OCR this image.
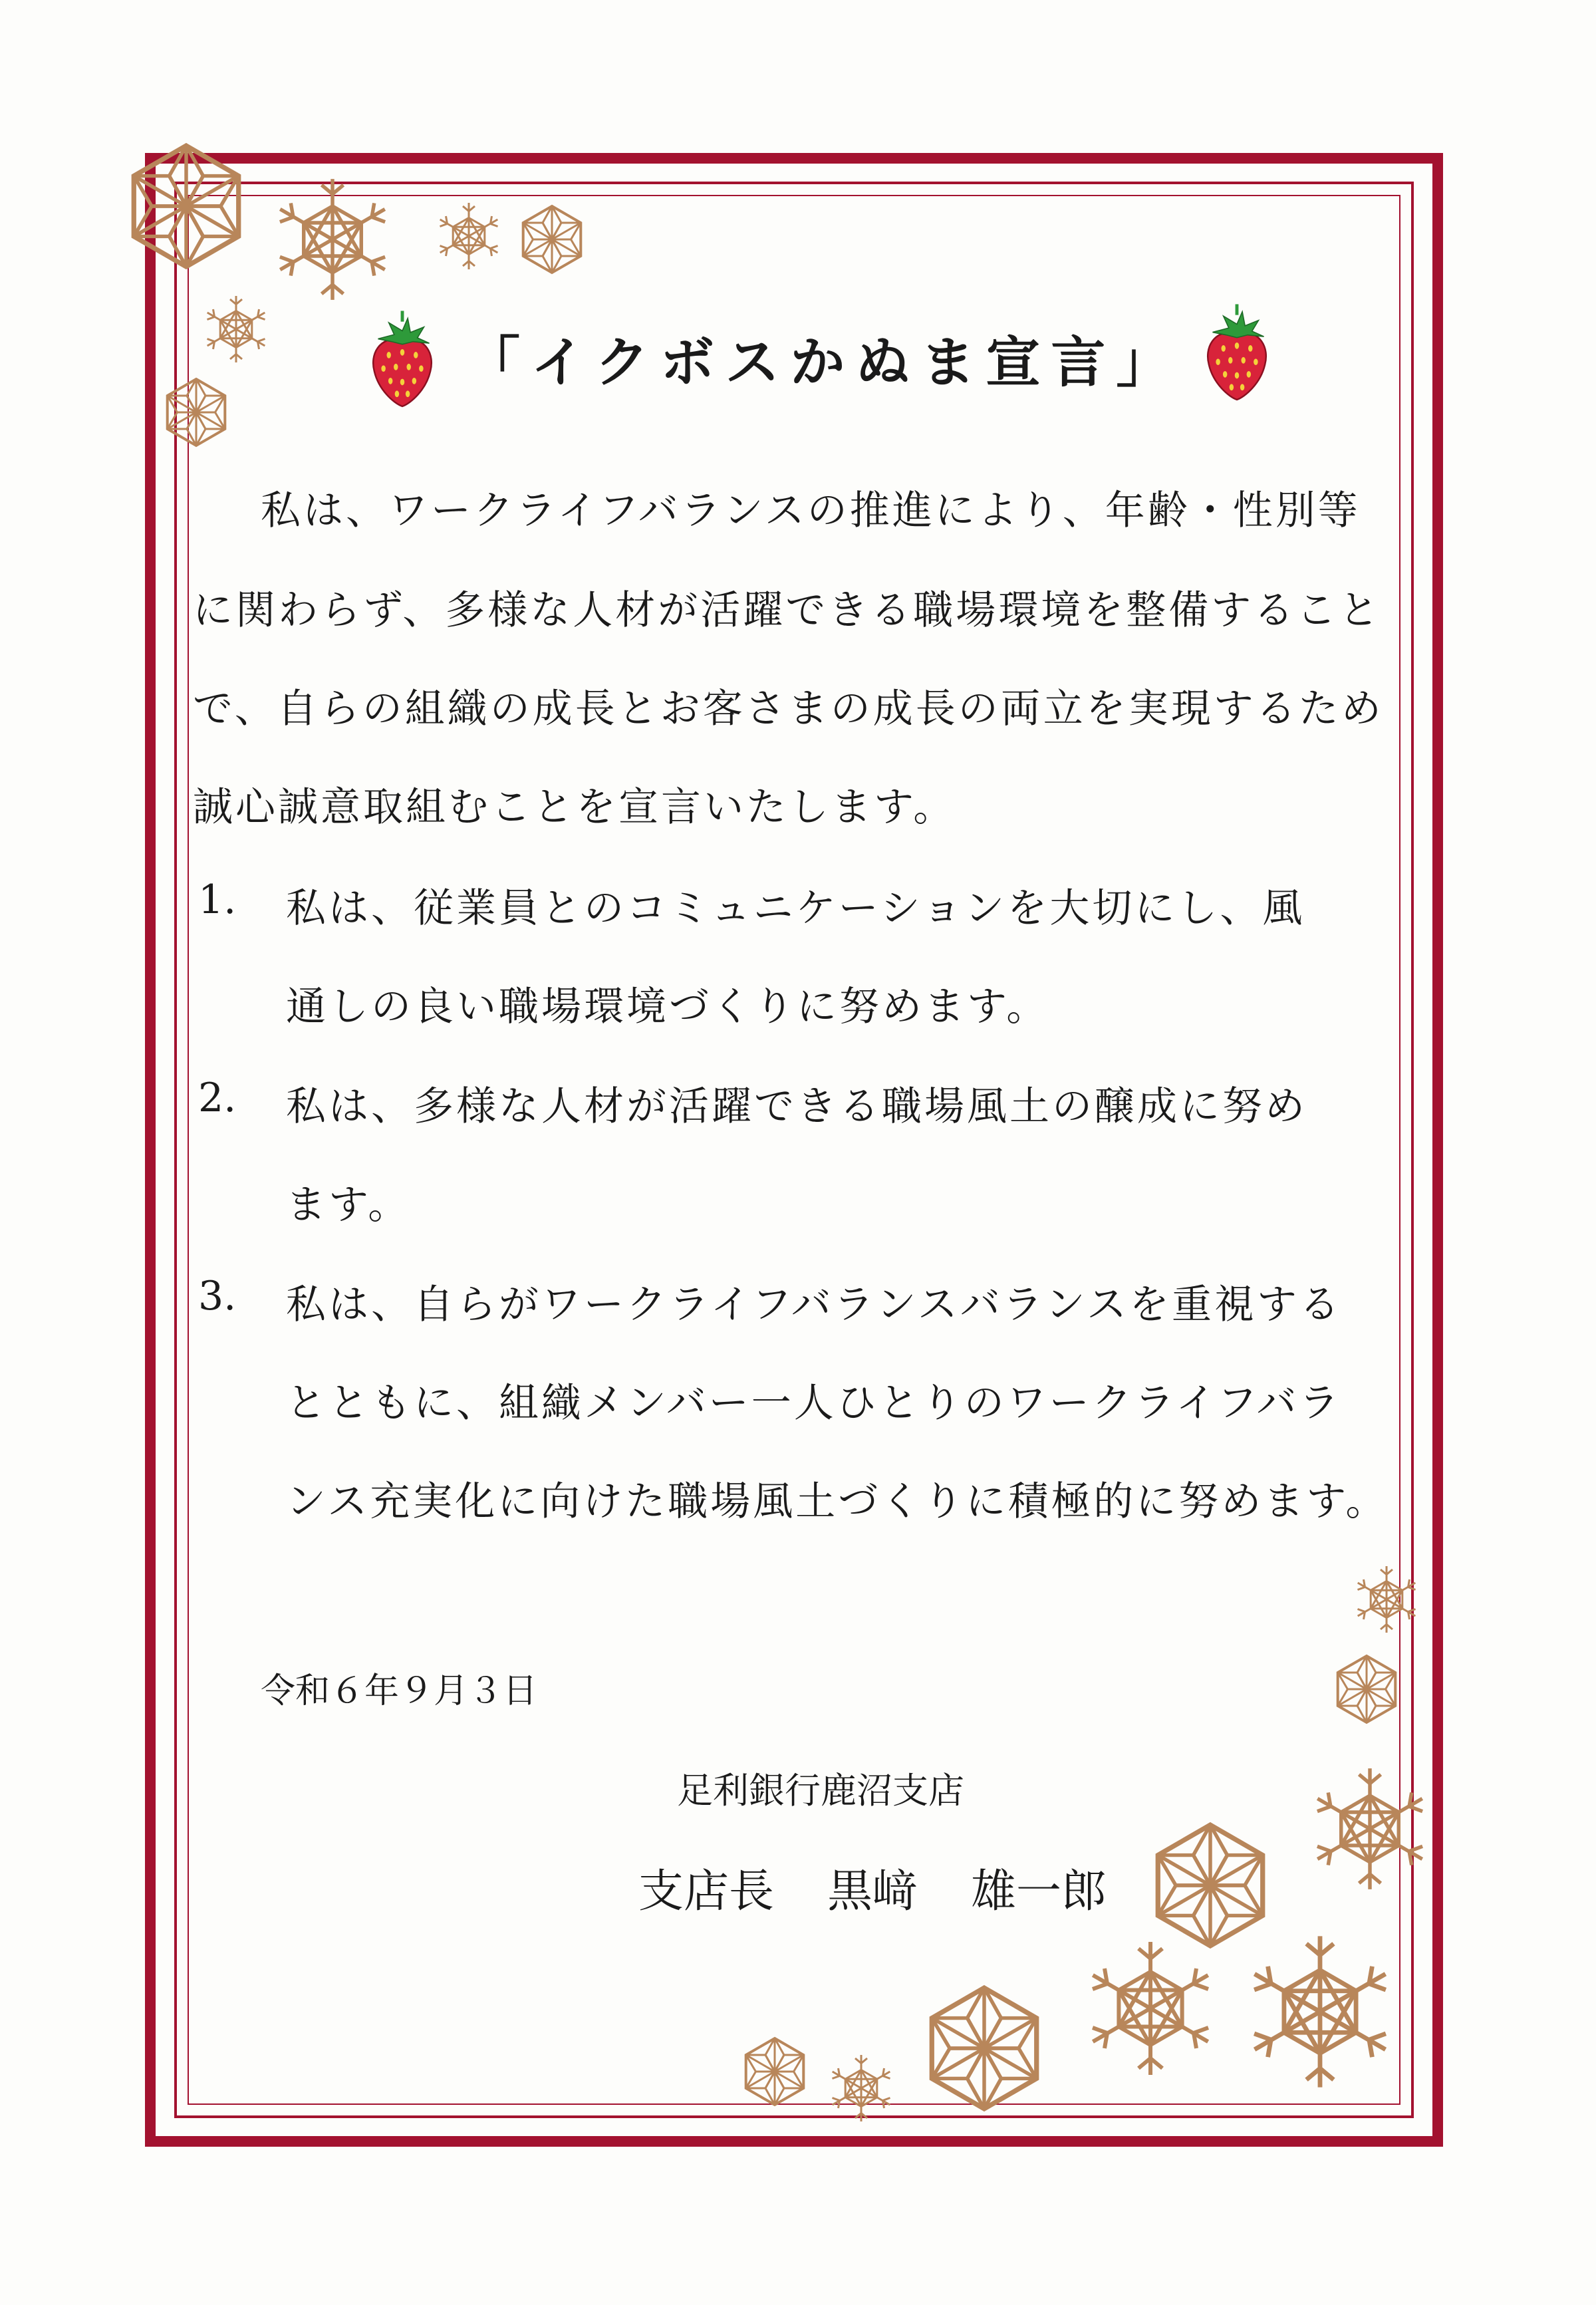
「イクボスかぬま宣言」
私は、ワークライフバランスの推進により、年齢・性別等
に関わらず、多様な人材が活躍できる職場環境を整備すること
で、自らの組織の成長とお客さまの成長の両立を実現するため
誠心誠意取組むことを宣言いたします。
1. 私は、従業員とのコミュニケーションを大切にし、風
通しの良い職場環境づくりに努めます。
2. 私は、多様な人材が活躍できる職場風土の醸成に努め
ます。
3. 私は、自らがワークライフバランスバランスを重視する
とともに、組織メンバー一人ひとりのワークライフバラ
ンス充実化に向けた職場風土づくりに積極的に努めます。
令和６年９月３日
足利銀行鹿沼支店
支店長 黒﨑 雄一郎
